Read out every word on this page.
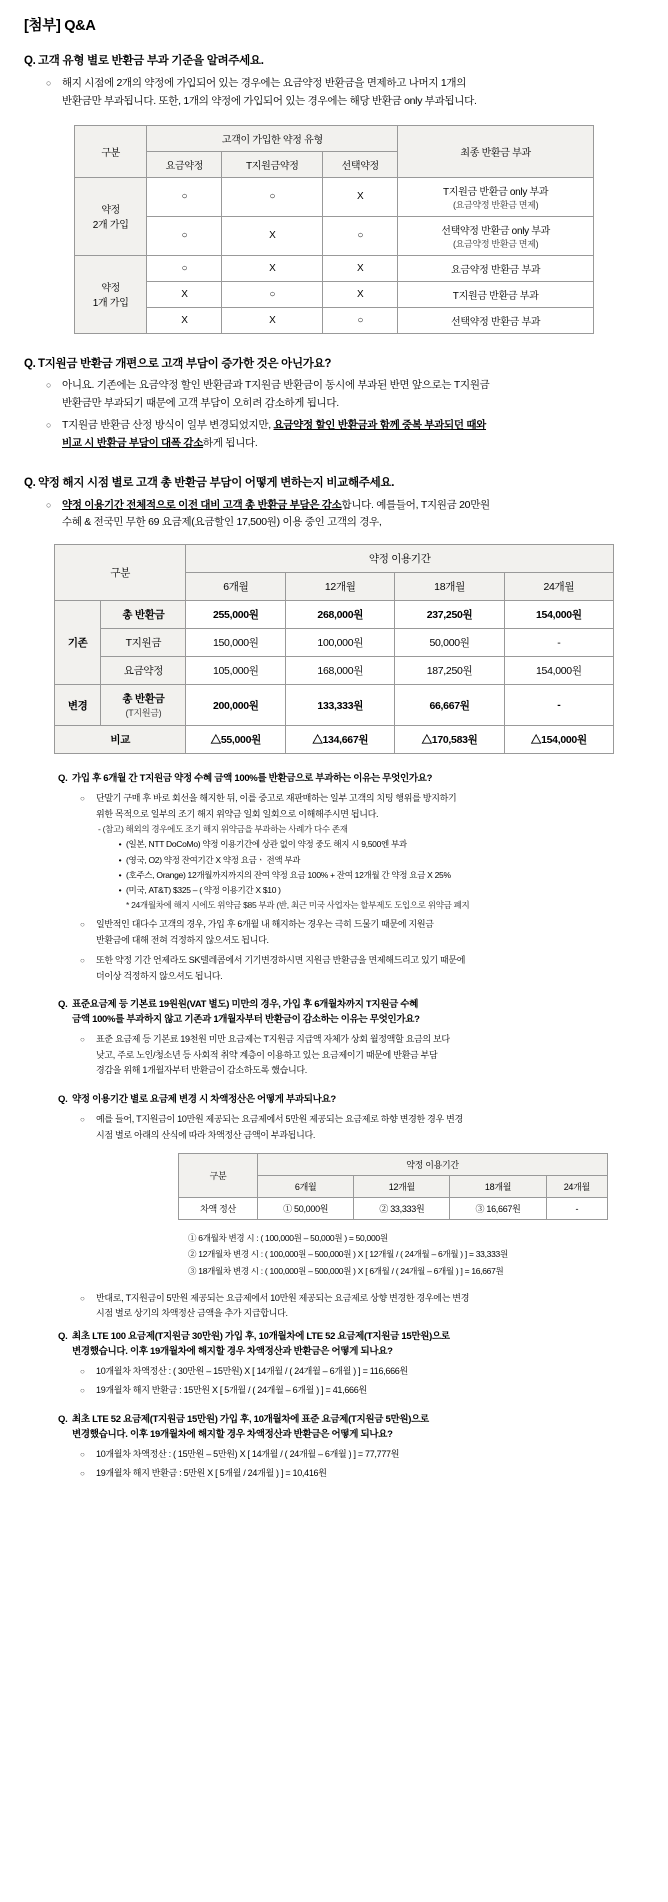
[첨부] Q&A
Q. 고객 유형 별로 반환금 부과 기준을 알려주세요.
○	해지 시점에 2개의 약정에 가입되어 있는 경우에는 요금약정 반환금을 면제하고 나머지 1개의
반환금만 부과됩니다. 또한, 1개의 약정에 가입되어 있는 경우에는 해당 반환금 only 부과됩니다.
구분	고객이 가입한 약정 유형			최종 반환금 부과
	요금약정	T지원금약정	선택약정	
약정
2개 가입	○	○	X	T지원금 반환금 only 부과
(요금약정 반환금 면제)
	○	X	○	선택약정 반환금 only 부과
(요금약정 반환금 면제)
약정
1개 가입	○	X	X	요금약정 반환금 부과
	X	○	X	T지원금 반환금 부과
	X	X	○	선택약정 반환금 부과
Q. T지원금 반환금 개편으로 고객 부담이 증가한 것은 아닌가요?
○	아니요. 기존에는 요금약정 할인 반환금과 T지원금 반환금이 동시에 부과된 반면 앞으로는 T지원금
반환금만 부과되기 때문에 고객 부담이 오히려 감소하게 됩니다.
○	T지원금 반환금 산정 방식이 일부 변경되었지만, 요금약정 할인 반환금과 함께 중복 부과되던 때와
비교 시 반환금 부담이 대폭 감소하게 됩니다.
Q. 약정 해지 시점 별로 고객 총 반환금 부담이 어떻게 변하는지 비교해주세요.
○	약정 이용기간 전체적으로 이전 대비 고객 총 반환금 부담은 감소합니다. 예를들어, T지원금 20만원
수혜 & 전국민 무한 69 요금제(요금할인 17,500원) 이용 중인 고객의 경우,
구분		약정 이용기간			
		6개월	12개월	18개월	24개월
기존	총 반환금	255,000원	268,000원	237,250원	154,000원
	T지원금	150,000원	100,000원	50,000원	-
	요금약정	105,000원	168,000원	187,250원	154,000원
변경	총 반환금
(T지원금)	200,000원	133,333원	66,667원	-
비교		△55,000원	△134,667원	△170,583원	△154,000원
Q. 가입 후 6개월 간 T지원금 약정 수혜 금액 100%를 반환금으로 부과하는 이유는 무엇인가요?
○	단말기 구매 후 바로 회선을 해지한 뒤, 이를 중고로 재판매하는 일부 고객의 치팅 행위를 방지하기
위한 목적으로 일부의 조기 해지 위약금 일회 일회으로 이해해주시면 됩니다.
- (참고) 해외의 경우에도 조기 해지 위약금을 부과하는 사례가 다수 존재
• (일본, NTT DoCoMo) 약정 이용기간에 상관 없이 약정 중도 해지 시 9,500엔 부과
• (영국, O2) 약정 잔여기간 X 약정 요금ㆍ 전액 부과
• (호주스, Orange) 12개월까지까지의 잔여 약정 요금 100% + 잔여 12개월 간 약정 요금 X 25%
• (미국, AT&T) $325 – ( 약정 이용기간 X $10 )
* 24개월차에 해지 시에도 위약금 $85 부과 (반, 최근 미국 사업자는 할부제도 도입으로 위약금 폐지
○	일반적인 대다수 고객의 경우, 가입 후 6개월 내 해지하는 경우는 극히 드물기 때문에 지원금
반환금에 대해 전혀 걱정하지 않으셔도 됩니다.
○	또한 약정 기간 언제라도 SK텔레콤에서 기기변경하시면 지원금 반환금을 면제해드리고 있기 때문에
더이상 걱정하지 않으셔도 됩니다.
Q. 표준요금제 등 기본료 19원원(VAT 별도) 미만의 경우, 가입 후 6개월차까지 T지원금 수혜
금액 100%를 부과하지 않고 기존과 1개월자부터 반환금이 감소하는 이유는 무엇인가요?
○	표준 요금제 등 기본료 19천원 미만 요금제는 T지원금 지급액 자체가 상회 월정액할 요금의 보다
낮고, 주로 노인/청소년 등 사회적 취약 계층이 이용하고 있는 요금제이기 때문에 반환금 부담
경감을 위해 1개월자부터 반환금이 감소하도록 했습니다.
Q. 약정 이용기간 별로 요금제 변경 시 차액정산은 어떻게 부과되나요?
○	예를 들어, T지원금이 10만원 제공되는 요금제에서 5만원 제공되는 요금제로 하향 변경한 경우 변경
시점 별로 아래의 산식에 따라 차액정산 금액이 부과됩니다.
구분	약정 이용기간			
	6개월	12개월	18개월	24개월
차액 정산	① 50,000원	② 33,333원	③ 16,667원	-
① 6개월차 변경 시 : ( 100,000원 – 50,000원 ) = 50,000원
② 12개월차 변경 시 : ( 100,000원 – 500,000원 ) X [ 12개월 / ( 24개월 – 6개월 ) ] = 33,333원
③ 18개월차 변경 시 : ( 100,000원 – 500,000원 ) X [ 6개월 / ( 24개월 – 6개월 ) ] = 16,667원
○	반대로, T지원금이 5만원 제공되는 요금제에서 10만원 제공되는 요금제로 상향 변경한 경우에는 변경
시점 별로 상기의 차액정산 금액을 추가 지급합니다.
Q. 최초 LTE 100 요금제(T지원금 30만원) 가입 후, 10개월차에 LTE 52 요금제(T지원금 15만원)으로
변경했습니다. 이후 19개월차에 해지할 경우 차액정산과 반환금은 어떻게 되나요?
○	10개월차 차액정산 : ( 30만원 – 15만원) X [ 14개월 / ( 24개월 – 6개월 ) ] = 116,666원
○	19개월차 해지 반환금 : 15만원 X [ 5개월 / ( 24개월 – 6개월 ) ] = 41,666원
Q. 최초 LTE 52 요금제(T지원금 15만원) 가입 후, 10개월차에 표준 요금제(T지원금 5만원)으로
변경했습니다. 이후 19개월차에 해지할 경우 차액정산과 반환금은 어떻게 되나요?
○	10개월차 차액정산 : ( 15만원 – 5만원) X [ 14개월 / ( 24개월 – 6개월 ) ] = 77,777원
○	19개월차 해지 반환금 : 5만원 X [ 5개월 / 24개월 ) ] = 10,416원
